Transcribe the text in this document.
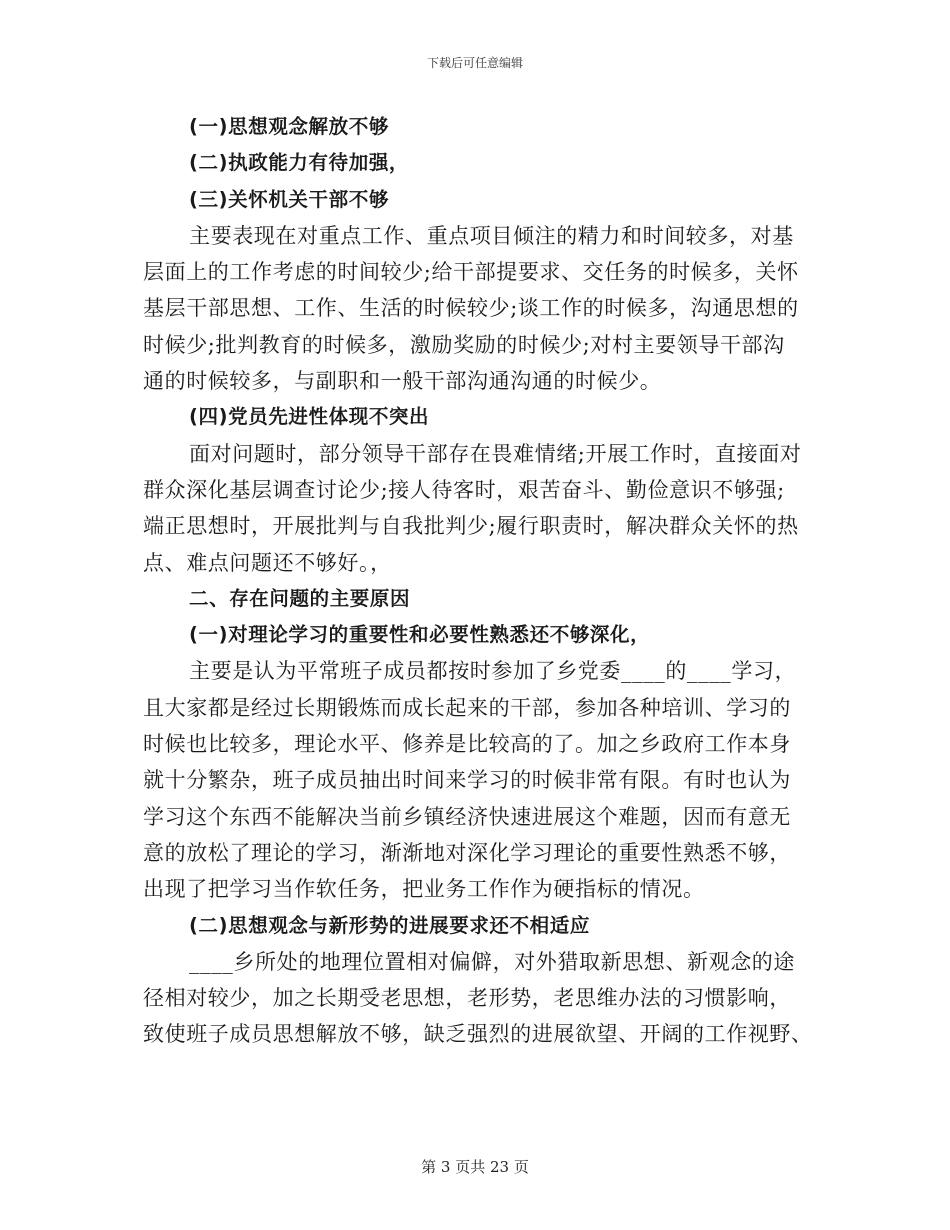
下载后可任意编辑
(一)思想观念解放不够
(二)执政能力有待加强，
(三)关怀机关干部不够
主要表现在对重点工作、重点项目倾注的精力和时间较多，对基
层面上的工作考虑的时间较少;给干部提要求、交任务的时候多，关怀
基层干部思想、工作、生活的时候较少;谈工作的时候多，沟通思想的
时候少;批判教育的时候多，激励奖励的时候少;对村主要领导干部沟
通的时候较多，与副职和一般干部沟通沟通的时候少。
(四)党员先进性体现不突出
面对问题时，部分领导干部存在畏难情绪;开展工作时，直接面对
群众深化基层调查讨论少;接人待客时，艰苦奋斗、勤俭意识不够强;
端正思想时，开展批判与自我批判少;履行职责时，解决群众关怀的热
点、难点问题还不够好。，
二、存在问题的主要原因
(一)对理论学习的重要性和必要性熟悉还不够深化，
主要是认为平常班子成员都按时参加了乡党委____的____学习，
且大家都是经过长期锻炼而成长起来的干部，参加各种培训、学习的
时候也比较多，理论水平、修养是比较高的了。加之乡政府工作本身
就十分繁杂，班子成员抽出时间来学习的时候非常有限。有时也认为
学习这个东西不能解决当前乡镇经济快速进展这个难题，因而有意无
意的放松了理论的学习，渐渐地对深化学习理论的重要性熟悉不够，
出现了把学习当作软任务，把业务工作作为硬指标的情况。
(二)思想观念与新形势的进展要求还不相适应
____乡所处的地理位置相对偏僻，对外猎取新思想、新观念的途
径相对较少，加之长期受老思想，老形势，老思维办法的习惯影响，
致使班子成员思想解放不够，缺乏强烈的进展欲望、开阔的工作视野、
第 3 页共 23 页
